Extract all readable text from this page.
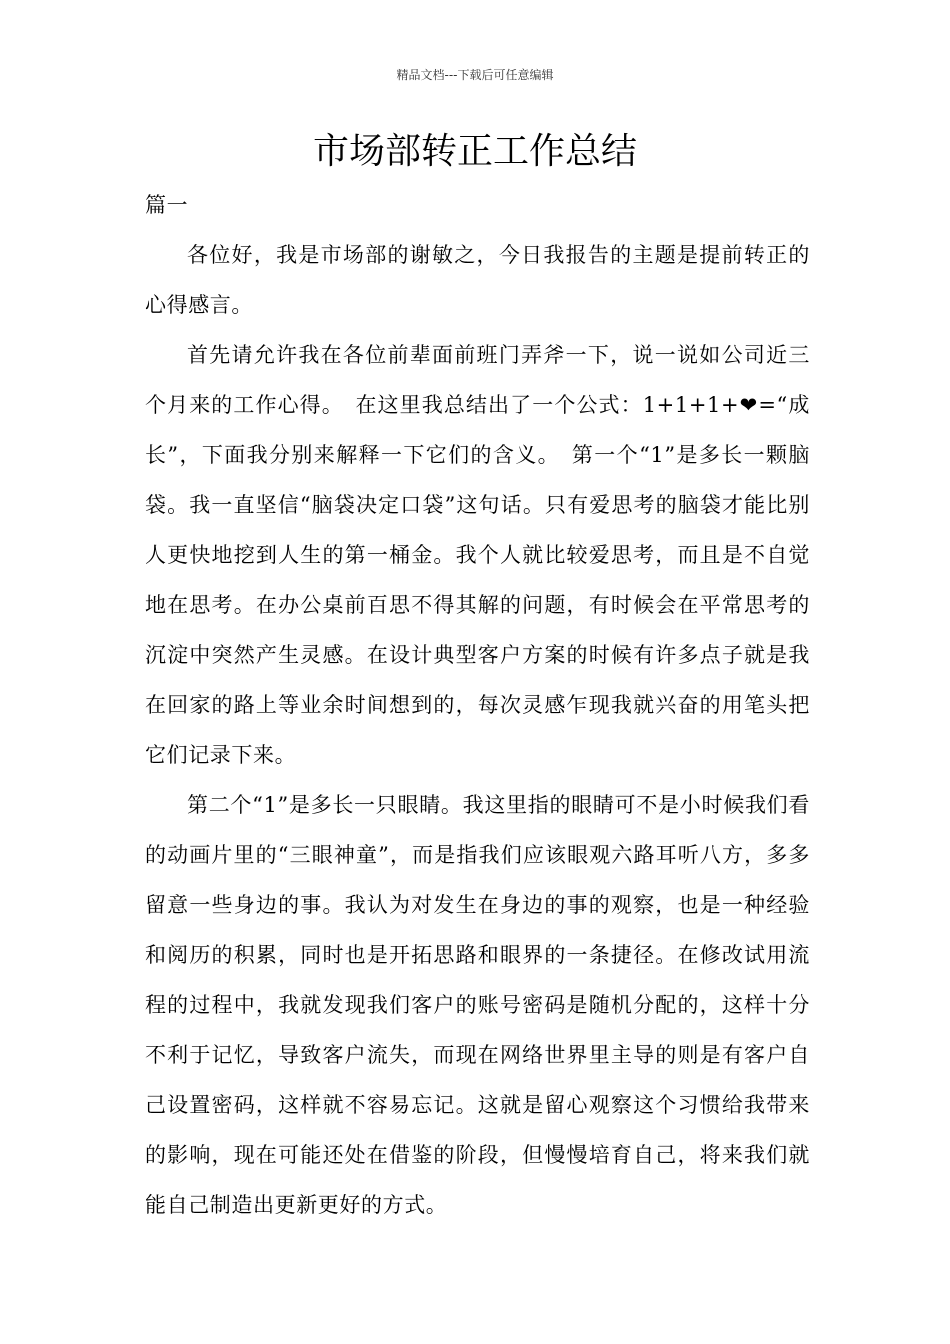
精品文档---下载后可任意编辑
市场部转正工作总结

篇一

各位好，我是市场部的谢敏之，今日我报告的主题是提前转正的心得感言。

首先请允许我在各位前辈面前班门弄斧一下，说一说如公司近三个月来的工作心得。　在这里我总结出了一个公式：1+1+1+❤=“成长”，下面我分别来解释一下它们的含义。　第一个“1”是多长一颗脑袋。我一直坚信“脑袋决定口袋”这句话。只有爱思考的脑袋才能比别人更快地挖到人生的第一桶金。我个人就比较爱思考，而且是不自觉地在思考。在办公桌前百思不得其解的问题，有时候会在平常思考的沉淀中突然产生灵感。在设计典型客户方案的时候有许多点子就是我在回家的路上等业余时间想到的，每次灵感乍现我就兴奋的用笔头把它们记录下来。

第二个“1”是多长一只眼睛。我这里指的眼睛可不是小时候我们看的动画片里的“三眼神童”，而是指我们应该眼观六路耳听八方，多多留意一些身边的事。我认为对发生在身边的事的观察，也是一种经验和阅历的积累，同时也是开拓思路和眼界的一条捷径。在修改试用流程的过程中，我就发现我们客户的账号密码是随机分配的，这样十分不利于记忆，导致客户流失，而现在网络世界里主导的则是有客户自己设置密码，这样就不容易忘记。这就是留心观察这个习惯给我带来的影响，现在可能还处在借鉴的阶段，但慢慢培育自己，将来我们就能自己制造出更新更好的方式。
